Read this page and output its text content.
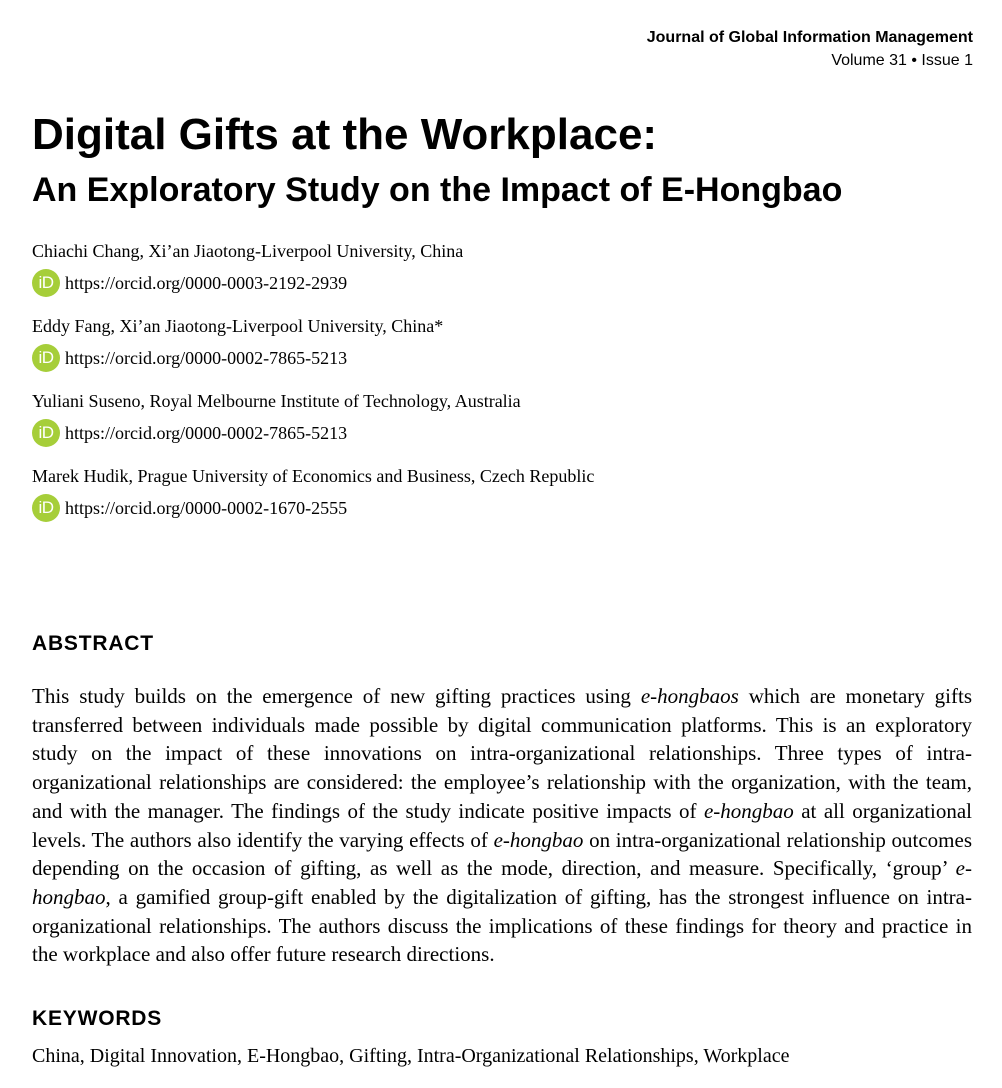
Journal of Global Information Management
Volume 31 • Issue 1
Digital Gifts at the Workplace:
An Exploratory Study on the Impact of E-Hongbao
Chiachi Chang, Xi’an Jiaotong-Liverpool University, China
iD https://orcid.org/0000-0003-2192-2939
Eddy Fang, Xi’an Jiaotong-Liverpool University, China*
iD https://orcid.org/0000-0002-7865-5213
Yuliani Suseno, Royal Melbourne Institute of Technology, Australia
iD https://orcid.org/0000-0002-7865-5213
Marek Hudik, Prague University of Economics and Business, Czech Republic
iD https://orcid.org/0000-0002-1670-2555
ABSTRACT

This study builds on the emergence of new gifting practices using e-hongbaos which are monetary gifts transferred between individuals made possible by digital communication platforms. This is an exploratory study on the impact of these innovations on intra-organizational relationships. Three types of intra-organizational relationships are considered: the employee’s relationship with the organization, with the team, and with the manager. The findings of the study indicate positive impacts of e-hongbao at all organizational levels. The authors also identify the varying effects of e-hongbao on intra-organizational relationship outcomes depending on the occasion of gifting, as well as the mode, direction, and measure. Specifically, ‘group’ e-hongbao, a gamified group-gift enabled by the digitalization of gifting, has the strongest influence on intra-organizational relationships. The authors discuss the implications of these findings for theory and practice in the workplace and also offer future research directions.

KEYWORDS

China, Digital Innovation, E-Hongbao, Gifting, Intra-Organizational Relationships, Workplace
